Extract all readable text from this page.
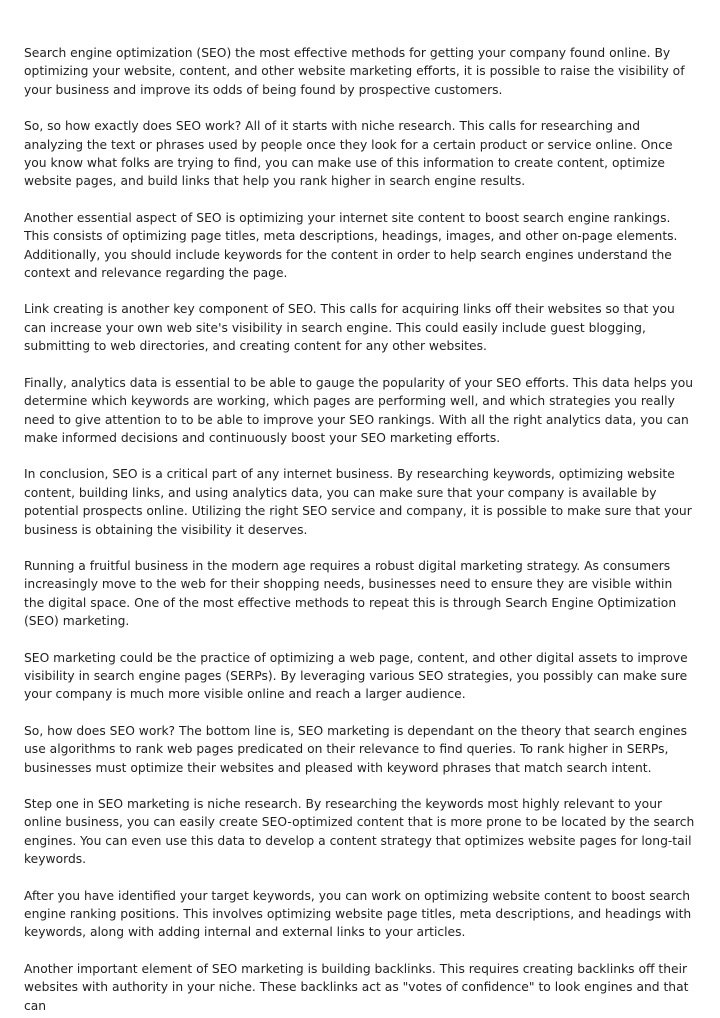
Search engine optimization (SEO) the most effective methods for getting your company found online. By optimizing your website, content, and other website marketing efforts, it is possible to raise the visibility of your business and improve its odds of being found by prospective customers.

So, so how exactly does SEO work? All of it starts with niche research. This calls for researching and analyzing the text or phrases used by people once they look for a certain product or service online. Once you know what folks are trying to find, you can make use of this information to create content, optimize website pages, and build links that help you rank higher in search engine results.

Another essential aspect of SEO is optimizing your internet site content to boost search engine rankings. This consists of optimizing page titles, meta descriptions, headings, images, and other on-page elements. Additionally, you should include keywords for the content in order to help search engines understand the context and relevance regarding the page.

Link creating is another key component of SEO. This calls for acquiring links off their websites so that you can increase your own web site's visibility in search engine. This could easily include guest blogging, submitting to web directories, and creating content for any other websites.

Finally, analytics data is essential to be able to gauge the popularity of your SEO efforts. This data helps you determine which keywords are working, which pages are performing well, and which strategies you really need to give attention to to be able to improve your SEO rankings. With all the right analytics data, you can make informed decisions and continuously boost your SEO marketing efforts.

In conclusion, SEO is a critical part of any internet business. By researching keywords, optimizing website content, building links, and using analytics data, you can make sure that your company is available by potential prospects online. Utilizing the right SEO service and company, it is possible to make sure that your business is obtaining the visibility it deserves.

Running a fruitful business in the modern age requires a robust digital marketing strategy. As consumers increasingly move to the web for their shopping needs, businesses need to ensure they are visible within the digital space. One of the most effective methods to repeat this is through Search Engine Optimization (SEO) marketing.

SEO marketing could be the practice of optimizing a web page, content, and other digital assets to improve visibility in search engine pages (SERPs). By leveraging various SEO strategies, you possibly can make sure your company is much more visible online and reach a larger audience.

So, how does SEO work? The bottom line is, SEO marketing is dependant on the theory that search engines use algorithms to rank web pages predicated on their relevance to find queries. To rank higher in SERPs, businesses must optimize their websites and pleased with keyword phrases that match search intent.

Step one in SEO marketing is niche research. By researching the keywords most highly relevant to your online business, you can easily create SEO-optimized content that is more prone to be located by the search engines. You can even use this data to develop a content strategy that optimizes website pages for long-tail keywords.

After you have identified your target keywords, you can work on optimizing website content to boost search engine ranking positions. This involves optimizing website page titles, meta descriptions, and headings with keywords, along with adding internal and external links to your articles.

Another important element of SEO marketing is building backlinks. This requires creating backlinks off their websites with authority in your niche. These backlinks act as "votes of confidence" to look engines and that can
